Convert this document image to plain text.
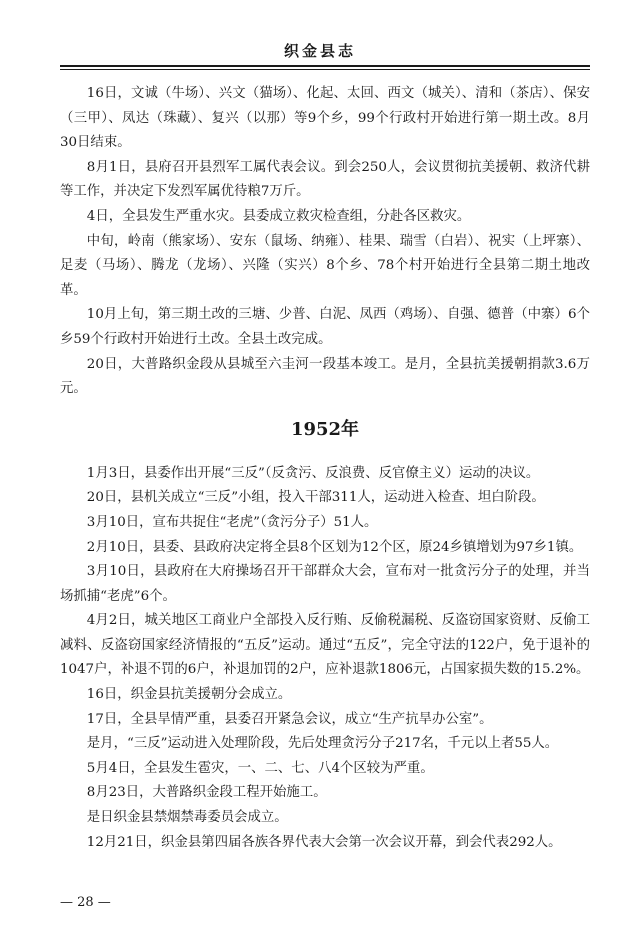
织金县志

16日，文诚（牛场）、兴文（猫场）、化起、太回、西文（城关）、清和（茶店）、保安（三甲）、凤达（珠藏）、复兴（以那）等9个乡，99个行政村开始进行第一期土改。8月30日结束。

8月1日，县府召开县烈军工属代表会议。到会250人，会议贯彻抗美援朝、救济代耕等工作，并决定下发烈军属优待粮7万斤。

4日，全县发生严重水灾。县委成立救灾检查组，分赴各区救灾。

中旬，岭南（熊家场）、安东（鼠场、纳雍）、桂果、瑞雪（白岩）、祝实（上坪寨）、足麦（马场）、腾龙（龙场）、兴隆（实兴）8个乡、78个村开始进行全县第二期土地改革。

10月上旬，第三期土改的三塘、少普、白泥、凤西（鸡场）、自强、德普（中寨）6个乡59个行政村开始进行土改。全县土改完成。

20日，大普路织金段从县城至六圭河一段基本竣工。是月，全县抗美援朝捐款3.6万元。

1952年

1月3日，县委作出开展“三反”（反贪污、反浪费、反官僚主义）运动的决议。

20日，县机关成立“三反”小组，投入干部311人，运动进入检查、坦白阶段。

3月10日，宣布共捉住“老虎”（贪污分子）51人。

2月10日，县委、县政府决定将全县8个区划为12个区，原24乡镇增划为97乡1镇。

3月10日，县政府在大府操场召开干部群众大会，宣布对一批贪污分子的处理，并当场抓捕“老虎”6个。

4月2日，城关地区工商业户全部投入反行贿、反偷税漏税、反盗窃国家资财、反偷工减料、反盗窃国家经济情报的“五反”运动。通过“五反”，完全守法的122户，免于退补的1047户，补退不罚的6户，补退加罚的2户，应补退款1806元，占国家损失数的15.2%。

16日，织金县抗美援朝分会成立。

17日，全县旱情严重，县委召开紧急会议，成立“生产抗旱办公室”。

是月，“三反”运动进入处理阶段，先后处理贪污分子217名，千元以上者55人。

5月4日，全县发生雹灾，一、二、七、八4个区较为严重。

8月23日，大普路织金段工程开始施工。

是日织金县禁烟禁毒委员会成立。

12月21日，织金县第四届各族各界代表大会第一次会议开幕，到会代表292人。

— 28 —
